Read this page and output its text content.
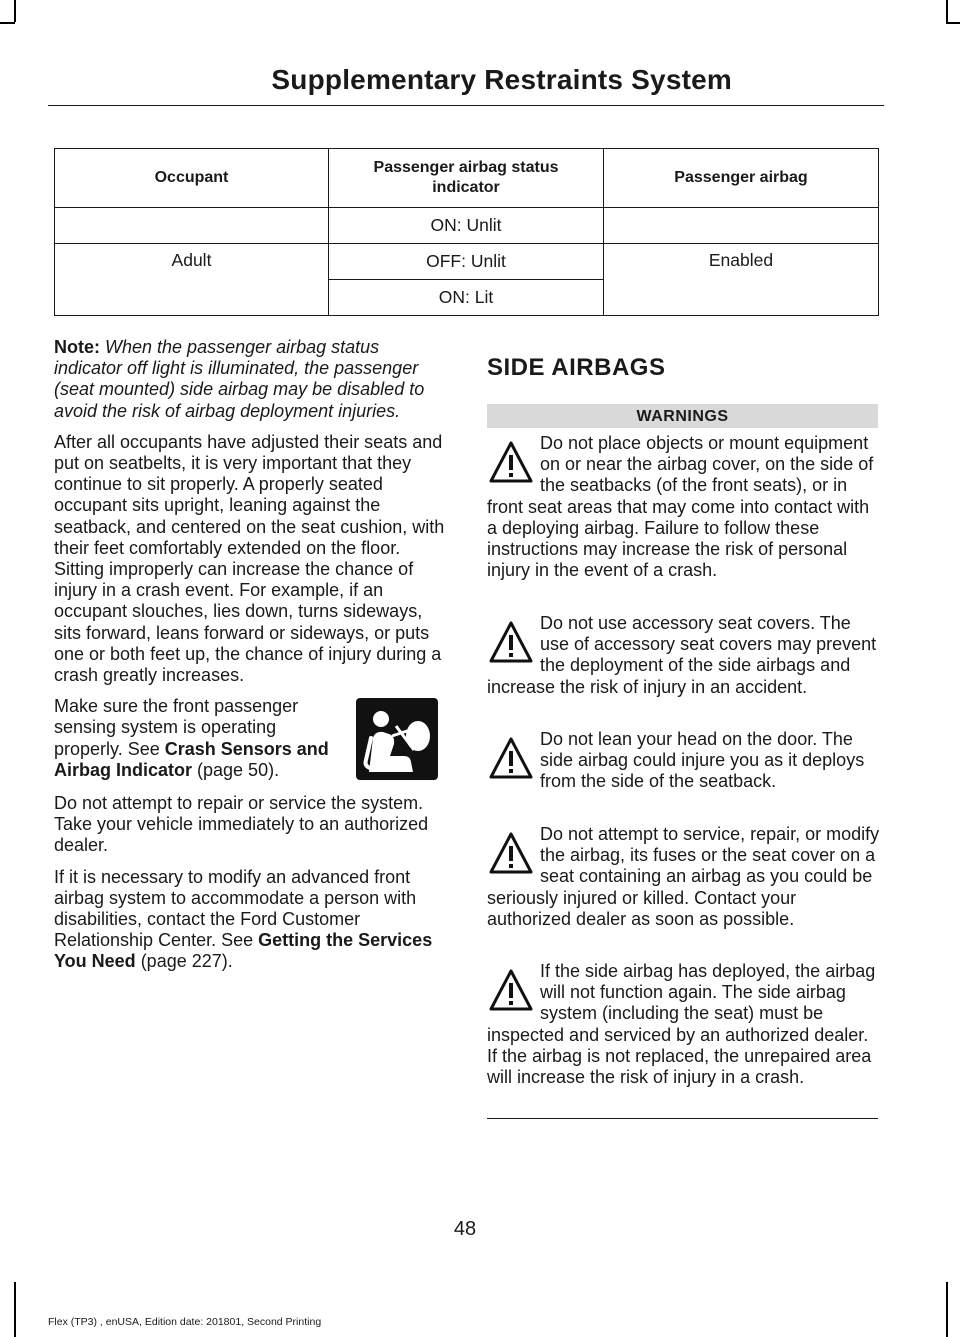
Supplementary Restraints System
Occupant	Passenger airbag status indicator	Passenger airbag
	ON: Unlit	
Adult	OFF: Unlit	Enabled
	ON: Lit	

Note: When the passenger airbag status indicator off light is illuminated, the passenger (seat mounted) side airbag may be disabled to avoid the risk of airbag deployment injuries.

After all occupants have adjusted their seats and put on seatbelts, it is very important that they continue to sit properly. A properly seated occupant sits upright, leaning against the seatback, and centered on the seat cushion, with their feet comfortably extended on the floor. Sitting improperly can increase the chance of injury in a crash event. For example, if an occupant slouches, lies down, turns sideways, sits forward, leans forward or sideways, or puts one or both feet up, the chance of injury during a crash greatly increases.

Make sure the front passenger sensing system is operating properly. See Crash Sensors and Airbag Indicator (page 50).

Do not attempt to repair or service the system. Take your vehicle immediately to an authorized dealer.

If it is necessary to modify an advanced front airbag system to accommodate a person with disabilities, contact the Ford Customer Relationship Center. See Getting the Services You Need (page 227).

SIDE AIRBAGS
WARNINGS
Do not place objects or mount equipment on or near the airbag cover, on the side of the seatbacks (of the front seats), or in front seat areas that may come into contact with a deploying airbag. Failure to follow these instructions may increase the risk of personal injury in the event of a crash.
Do not use accessory seat covers. The use of accessory seat covers may prevent the deployment of the side airbags and increase the risk of injury in an accident.
Do not lean your head on the door. The side airbag could injure you as it deploys from the side of the seatback.
Do not attempt to service, repair, or modify the airbag, its fuses or the seat cover on a seat containing an airbag as you could be seriously injured or killed. Contact your authorized dealer as soon as possible.
If the side airbag has deployed, the airbag will not function again. The side airbag system (including the seat) must be inspected and serviced by an authorized dealer. If the airbag is not replaced, the unrepaired area will increase the risk of injury in a crash.
48
Flex (TP3) , enUSA, Edition date: 201801, Second Printing
